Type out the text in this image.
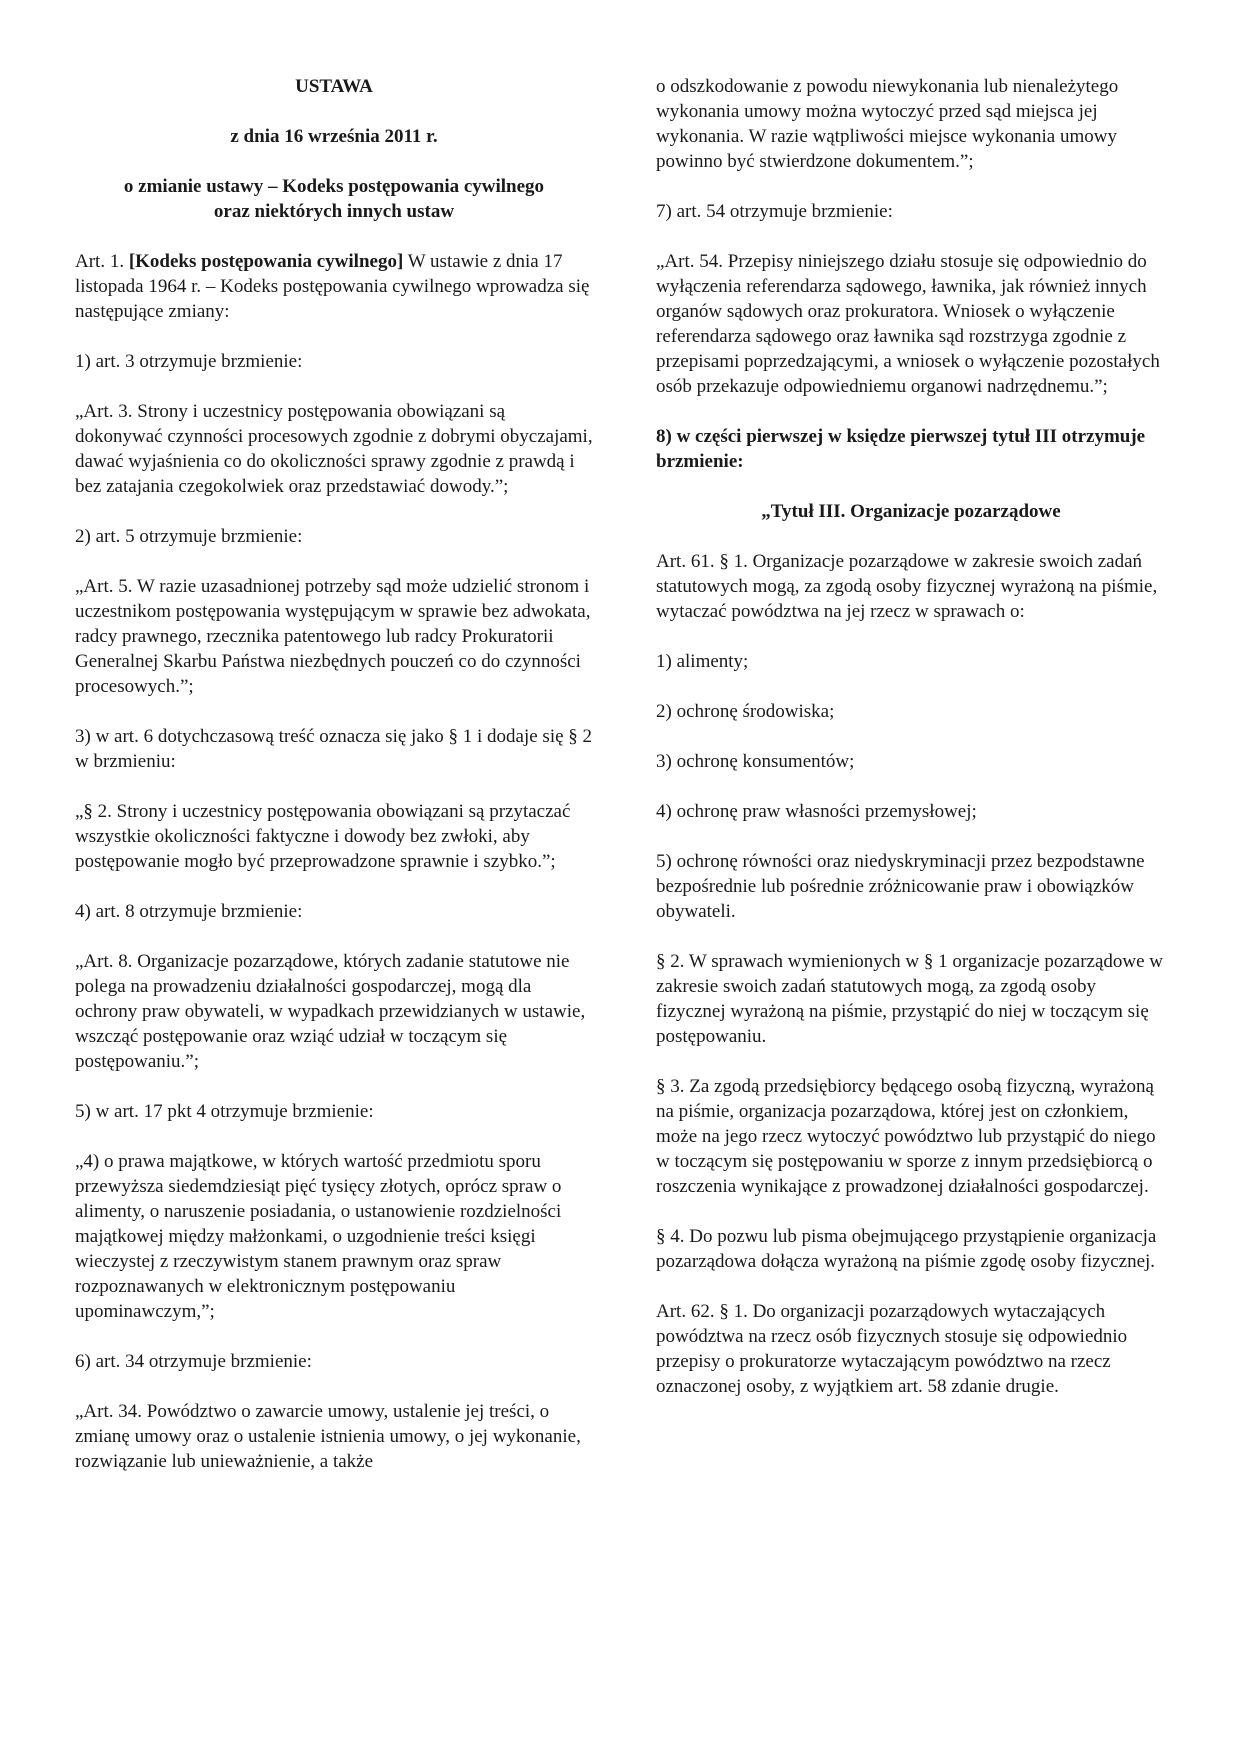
USTAWA

z dnia 16 września 2011 r.

o zmianie ustawy – Kodeks postępowania cywilnego
oraz niektórych innych ustaw

Art. 1. [Kodeks postępowania cywilnego] W ustawie z dnia 17 listopada 1964 r. – Kodeks postępowania cywilnego wprowadza się następujące zmiany:

1) art. 3 otrzymuje brzmienie:

„Art. 3. Strony i uczestnicy postępowania obowiązani są dokonywać czynności procesowych zgodnie z dobrymi obyczajami, dawać wyjaśnienia co do okoliczności sprawy zgodnie z prawdą i bez zatajania czegokolwiek oraz przedstawiać dowody.”;

2) art. 5 otrzymuje brzmienie:

„Art. 5. W razie uzasadnionej potrzeby sąd może udzielić stronom i uczestnikom postępowania występującym w sprawie bez adwokata, radcy prawnego, rzecznika patentowego lub radcy Prokuratorii Generalnej Skarbu Państwa niezbędnych pouczeń co do czynności procesowych.”;

3) w art. 6 dotychczasową treść oznacza się jako § 1 i dodaje się § 2 w brzmieniu:

„§ 2. Strony i uczestnicy postępowania obowiązani są przytaczać wszystkie okoliczności faktyczne i dowody bez zwłoki, aby postępowanie mogło być przeprowadzone sprawnie i szybko.”;

4) art. 8 otrzymuje brzmienie:

„Art. 8. Organizacje pozarządowe, których zadanie statutowe nie polega na prowadzeniu działalności gospodarczej, mogą dla ochrony praw obywateli, w wypadkach przewidzianych w ustawie, wszcząć postępowanie oraz wziąć udział w toczącym się postępowaniu.”;

5) w art. 17 pkt 4 otrzymuje brzmienie:

„4) o prawa majątkowe, w których wartość przedmiotu sporu przewyższa siedemdziesiąt pięć tysięcy złotych, oprócz spraw o alimenty, o naruszenie posiadania, o ustanowienie rozdzielności majątkowej między małżonkami, o uzgodnienie treści księgi wieczystej z rzeczywistym stanem prawnym oraz spraw rozpoznawanych w elektronicznym postępowaniu upominawczym,”;

6) art. 34 otrzymuje brzmienie:

„Art. 34. Powództwo o zawarcie umowy, ustalenie jej treści, o zmianę umowy oraz o ustalenie istnienia umowy, o jej wykonanie, rozwiązanie lub unieważnienie, a także

o odszkodowanie z powodu niewykonania lub nienależytego wykonania umowy można wytoczyć przed sąd miejsca jej wykonania. W razie wątpliwości miejsce wykonania umowy powinno być stwierdzone dokumentem.”;

7) art. 54 otrzymuje brzmienie:

„Art. 54. Przepisy niniejszego działu stosuje się odpowiednio do wyłączenia referendarza sądowego, ławnika, jak również innych organów sądowych oraz prokuratora. Wniosek o wyłączenie referendarza sądowego oraz ławnika sąd rozstrzyga zgodnie z przepisami poprzedzającymi, a wniosek o wyłączenie pozostałych osób przekazuje odpowiedniemu organowi nadrzędnemu.”;

8) w części pierwszej w księdze pierwszej tytuł III otrzymuje brzmienie:

„Tytuł III. Organizacje pozarządowe

Art. 61. § 1. Organizacje pozarządowe w zakresie swoich zadań statutowych mogą, za zgodą osoby fizycznej wyrażoną na piśmie, wytaczać powództwa na jej rzecz w sprawach o:

1) alimenty;

2) ochronę środowiska;

3) ochronę konsumentów;

4) ochronę praw własności przemysłowej;

5) ochronę równości oraz niedyskryminacji przez bezpodstawne bezpośrednie lub pośrednie zróżnicowanie praw i obowiązków obywateli.

§ 2. W sprawach wymienionych w § 1 organizacje pozarządowe w zakresie swoich zadań statutowych mogą, za zgodą osoby fizycznej wyrażoną na piśmie, przystąpić do niej w toczącym się postępowaniu.

§ 3. Za zgodą przedsiębiorcy będącego osobą fizyczną, wyrażoną na piśmie, organizacja pozarządowa, której jest on członkiem, może na jego rzecz wytoczyć powództwo lub przystąpić do niego w toczącym się postępowaniu w sporze z innym przedsiębiorcą o roszczenia wynikające z prowadzonej działalności gospodarczej.

§ 4. Do pozwu lub pisma obejmującego przystąpienie organizacja pozarządowa dołącza wyrażoną na piśmie zgodę osoby fizycznej.

Art. 62. § 1. Do organizacji pozarządowych wytaczających powództwa na rzecz osób fizycznych stosuje się odpowiednio przepisy o prokuratorze wytaczającym powództwo na rzecz oznaczonej osoby, z wyjątkiem art. 58 zdanie drugie.
